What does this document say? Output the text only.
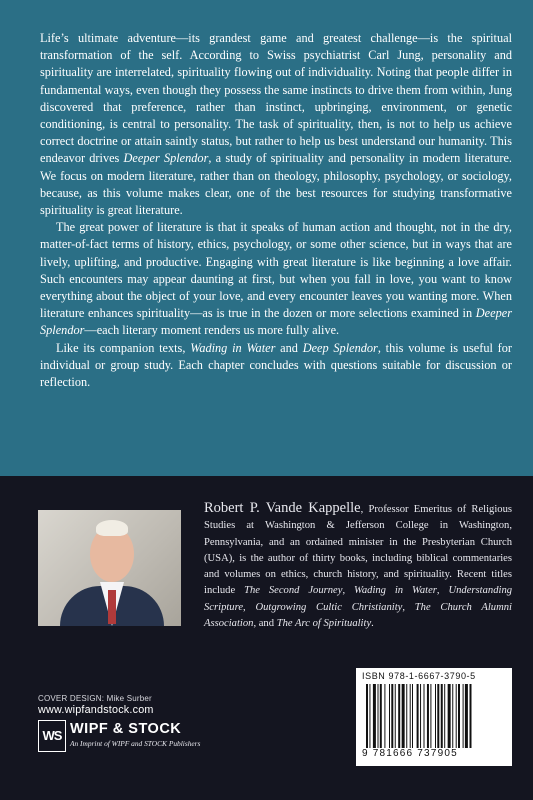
Life’s ultimate adventure—its grandest game and greatest challenge—is the spiritual transformation of the self. According to Swiss psychiatrist Carl Jung, personality and spirituality are interrelated, spirituality flowing out of individuality. Noting that people differ in fundamental ways, even though they possess the same instincts to drive them from within, Jung discovered that preference, rather than instinct, upbringing, environment, or genetic conditioning, is central to personality. The task of spirituality, then, is not to help us achieve correct doctrine or attain saintly status, but rather to help us best understand our humanity. This endeavor drives Deeper Splendor, a study of spirituality and personality in modern literature. We focus on modern literature, rather than on theology, philosophy, psychology, or sociology, because, as this volume makes clear, one of the best resources for studying transformative spirituality is great literature.

The great power of literature is that it speaks of human action and thought, not in the dry, matter-of-fact terms of history, ethics, psychology, or some other science, but in ways that are lively, uplifting, and productive. Engaging with great literature is like beginning a love affair. Such encounters may appear daunting at first, but when you fall in love, you want to know everything about the object of your love, and every encounter leaves you wanting more. When literature enhances spirituality—as is true in the dozen or more selections examined in Deeper Splendor—each literary moment renders us more fully alive.

Like its companion texts, Wading in Water and Deep Splendor, this volume is useful for individual or group study. Each chapter concludes with questions suitable for discussion or reflection.

Robert P. Vande Kappelle, Professor Emeritus of Religious Studies at Washington & Jefferson College in Washington, Pennsylvania, and an ordained minister in the Presbyterian Church (USA), is the author of thirty books, including biblical commentaries and volumes on ethics, church history, and spirituality. Recent titles include The Second Journey, Wading in Water, Understanding Scripture, Outgrowing Cultic Christianity, The Church Alumni Association, and The Arc of Spirituality.
COVER DESIGN: Mike Surber
www.wipfandstock.com
WS WIPF & STOCK
An Imprint of WIPF and STOCK Publishers
ISBN 978-1-6667-3790-5
9 781666 737905
